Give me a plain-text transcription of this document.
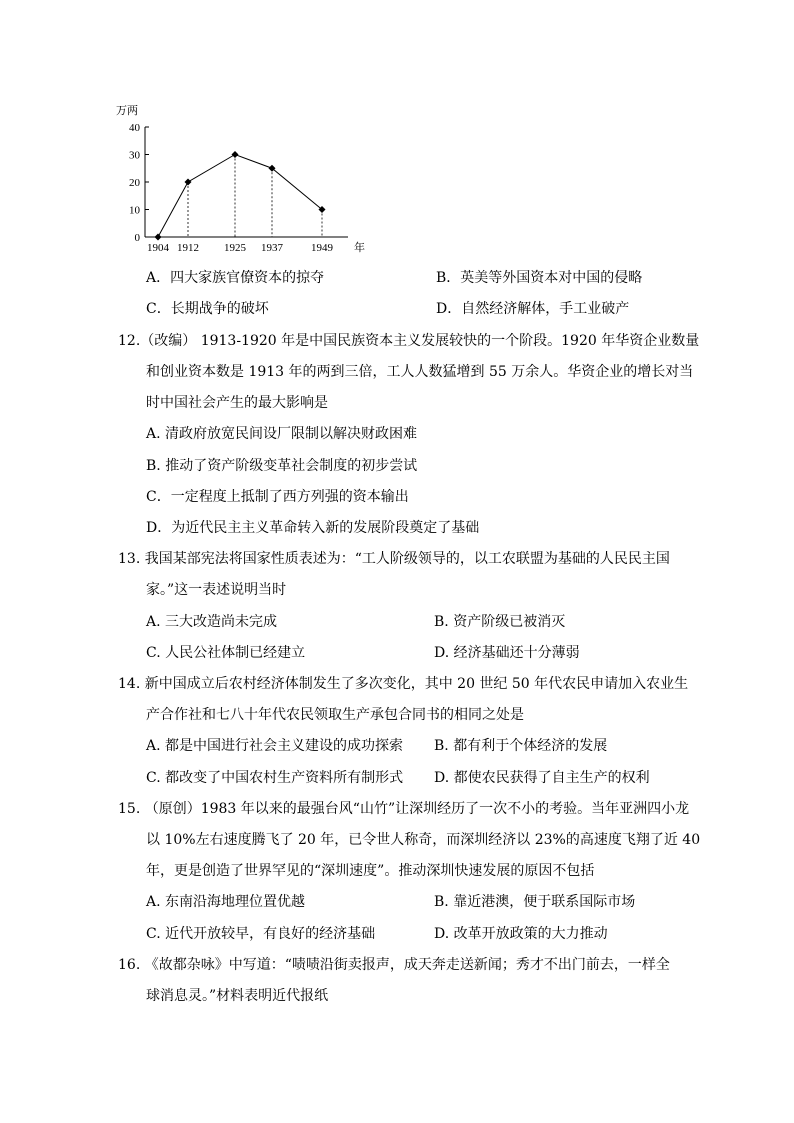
万两
0
10
20
30
40
1904 1912 1925 1937	1949 年
A．四大家族官僚资本的掠夺	B．英美等外国资本对中国的侵略
C．长期战争的破坏	D．自然经济解体，手工业破产
12.（改编） 1913-1920 年是中国民族资本主义发展较快的一个阶段。1920 年华资企业数量
和创业资本数是 1913 年的两到三倍，工人人数猛增到 55 万余人。华资企业的增长对当
时中国社会产生的最大影响是
A. 清政府放宽民间设厂限制以解决财政困难
B. 推动了资产阶级变革社会制度的初步尝试
C．一定程度上抵制了西方列强的资本输出
D．为近代民主主义革命转入新的发展阶段奠定了基础
13. 我国某部宪法将国家性质表述为：“工人阶级领导的，以工农联盟为基础的人民民主国
家。”这一表述说明当时
A. 三大改造尚未完成	B. 资产阶级已被消灭
C. 人民公社体制已经建立	D. 经济基础还十分薄弱
14. 新中国成立后农村经济体制发生了多次变化，其中 20 世纪 50 年代农民申请加入农业生
产合作社和七八十年代农民领取生产承包合同书的相同之处是
A. 都是中国进行社会主义建设的成功探索 B. 都有利于个体经济的发展
C. 都改变了中国农村生产资料所有制形式 D. 都使农民获得了自主生产的权利
15. （原创）1983 年以来的最强台风“山竹”让深圳经历了一次不小的考验。当年亚洲四小龙
以 10%左右速度腾飞了 20 年，已令世人称奇，而深圳经济以 23%的高速度飞翔了近 40
年，更是创造了世界罕见的“深圳速度”。推动深圳快速发展的原因不包括
A. 东南沿海地理位置优越	B. 靠近港澳，便于联系国际市场
C. 近代开放较早，有良好的经济基础	D. 改革开放政策的大力推动
16. 《故都杂咏》中写道：“啧啧沿街卖报声，成天奔走送新闻；秀才不出门前去，一样全
球消息灵。”材料表明近代报纸
